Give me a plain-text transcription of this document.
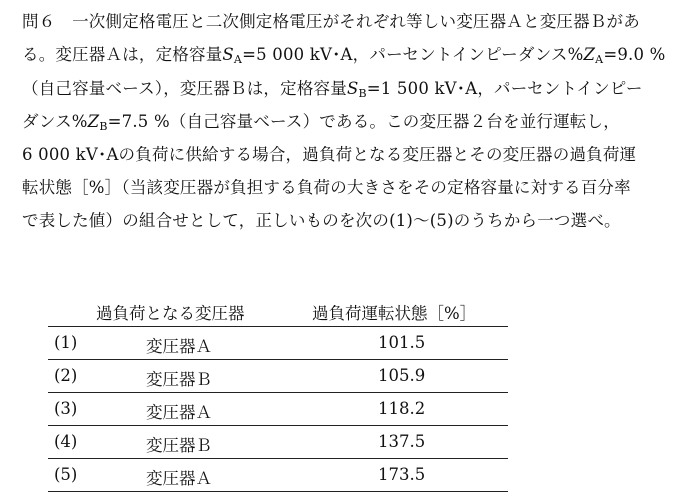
問６　一次側定格電圧と二次側定格電圧がそれぞれ等しい変圧器Ａと変圧器Ｂがあ
る。変圧器Ａは，定格容量$S_A=5$ 000 kV･A，パーセントインピーダンス$\%Z_A=9.0$ %
（自己容量ベース），変圧器Ｂは，定格容量$S_B=1$ 500 kV･A，パーセントインピー
ダンス$\%Z_B=7.5$ %（自己容量ベース）である。この変圧器２台を並行運転し，
6 000 kV･Aの負荷に供給する場合，過負荷となる変圧器とその変圧器の過負荷運
転状態［%］（当該変圧器が負担する負荷の大きさをその定格容量に対する百分率
で表した値）の組合せとして，正しいものを次の(1)〜(5)のうちから一つ選べ。
過負荷となる変圧器	過負荷運転状態［%］
(1)	変圧器Ａ	101.5
(2)	変圧器Ｂ	105.9
(3)	変圧器Ａ	118.2
(4)	変圧器Ｂ	137.5
(5)	変圧器Ａ	173.5
